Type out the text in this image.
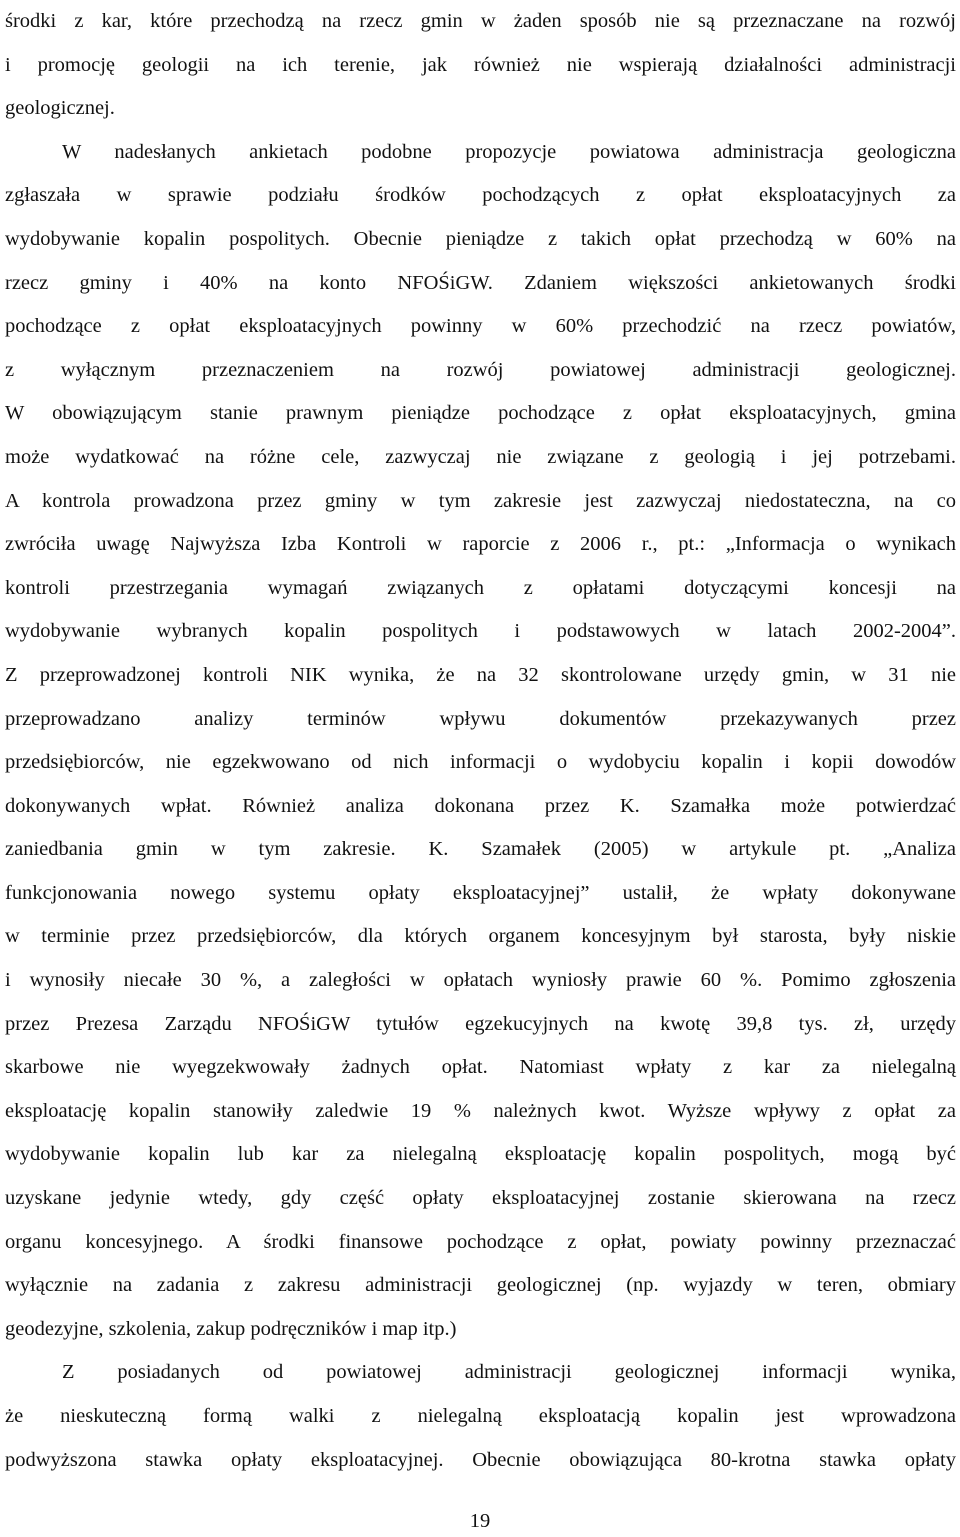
środki z kar, które przechodzą na rzecz gmin w żaden sposób nie są przeznaczane na rozwój
i promocję geologii na ich terenie, jak również nie wspierają działalności administracji
geologicznej.
W nadesłanych ankietach podobne propozycje powiatowa administracja geologiczna
zgłaszała w sprawie podziału środków pochodzących z opłat eksploatacyjnych za
wydobywanie kopalin pospolitych. Obecnie pieniądze z takich opłat przechodzą w 60% na
rzecz gminy i 40% na konto NFOŚiGW. Zdaniem większości ankietowanych środki
pochodzące z opłat eksploatacyjnych powinny w 60% przechodzić na rzecz powiatów,
z wyłącznym przeznaczeniem na rozwój powiatowej administracji geologicznej.
W obowiązującym stanie prawnym pieniądze pochodzące z opłat eksploatacyjnych, gmina
może wydatkować na różne cele, zazwyczaj nie związane z geologią i jej potrzebami.
A kontrola prowadzona przez gminy w tym zakresie jest zazwyczaj niedostateczna, na co
zwróciła uwagę Najwyższa Izba Kontroli w raporcie z 2006 r., pt.: „Informacja o wynikach
kontroli przestrzegania wymagań związanych z opłatami dotyczącymi koncesji na
wydobywanie wybranych kopalin pospolitych i podstawowych w latach 2002-2004”.
Z przeprowadzonej kontroli NIK wynika, że na 32 skontrolowane urzędy gmin, w 31 nie
przeprowadzano analizy terminów wpływu dokumentów przekazywanych przez
przedsiębiorców, nie egzekwowano od nich informacji o wydobyciu kopalin i kopii dowodów
dokonywanych wpłat. Również analiza dokonana przez K. Szamałka może potwierdzać
zaniedbania gmin w tym zakresie. K. Szamałek (2005) w artykule pt. „Analiza
funkcjonowania nowego systemu opłaty eksploatacyjnej” ustalił, że wpłaty dokonywane
w terminie przez przedsiębiorców, dla których organem koncesyjnym był starosta, były niskie
i wynosiły niecałe 30 %, a zaległości w opłatach wyniosły prawie 60 %. Pomimo zgłoszenia
przez Prezesa Zarządu NFOŚiGW tytułów egzekucyjnych na kwotę 39,8 tys. zł, urzędy
skarbowe nie wyegzekwowały żadnych opłat. Natomiast wpłaty z kar za nielegalną
eksploatację kopalin stanowiły zaledwie 19 % należnych kwot. Wyższe wpływy z opłat za
wydobywanie kopalin lub kar za nielegalną eksploatację kopalin pospolitych, mogą być
uzyskane jedynie wtedy, gdy część opłaty eksploatacyjnej zostanie skierowana na rzecz
organu koncesyjnego. A środki finansowe pochodzące z opłat, powiaty powinny przeznaczać
wyłącznie na zadania z zakresu administracji geologicznej (np. wyjazdy w teren, obmiary
geodezyjne, szkolenia, zakup podręczników i map itp.)
Z posiadanych od powiatowej administracji geologicznej informacji wynika,
że nieskuteczną formą walki z nielegalną eksploatacją kopalin jest wprowadzona
podwyższona stawka opłaty eksploatacyjnej. Obecnie obowiązująca 80-krotna stawka opłaty
19
